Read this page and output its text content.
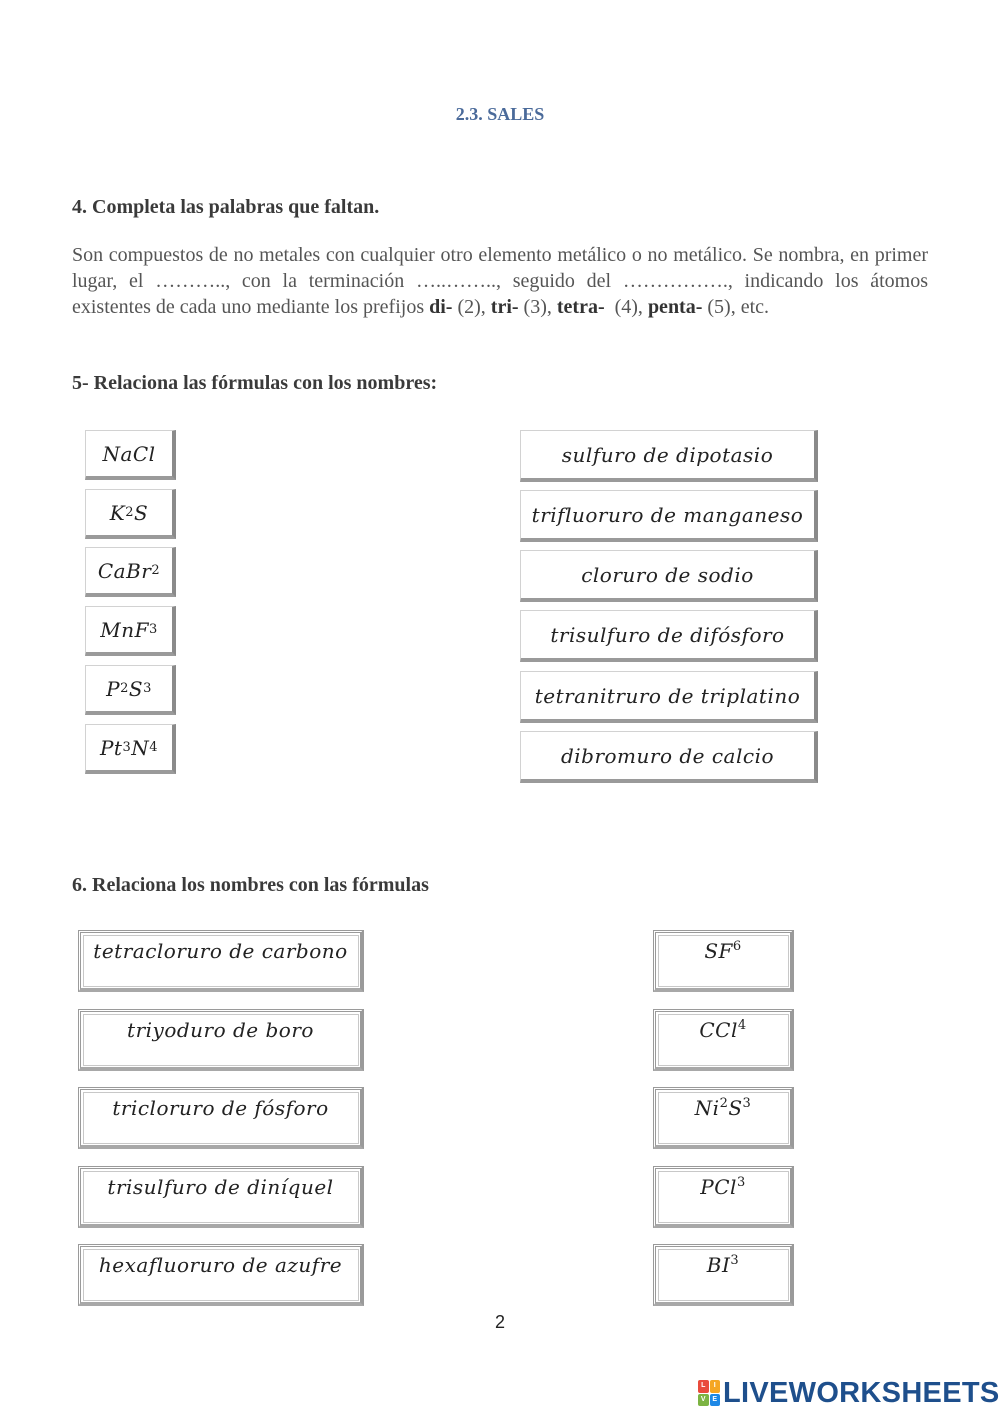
2.3. SALES
4. Completa las palabras que faltan.
Son compuestos de no metales con cualquier otro elemento metálico o no metálico. Se nombra, en primer lugar, el ……….., con la terminación …..…….., seguido del ……………., indicando los átomos existentes de cada uno mediante los prefijos di- (2), tri- (3), tetra-  (4), penta- (5), etc.
5- Relaciona las fórmulas con los nombres:
NaCl
K 2 S
CaBr 2
MnF 3
P 2 S 3
Pt 3 N 4
sulfuro de dipotasio
trifluoruro de manganeso
cloruro de sodio
trisulfuro de difósforo
tetranitruro de triplatino
dibromuro de calcio
6. Relaciona los nombres con las fórmulas
tetracloruro de carbono
triyoduro de boro
tricloruro de fósforo
trisulfuro de diníquel
hexafluoruro de azufre
SF 6
CCl 4
Ni 2 S 3
PCl 3
BI 3
2
L	I
V E LIVEWORKSHEETS
